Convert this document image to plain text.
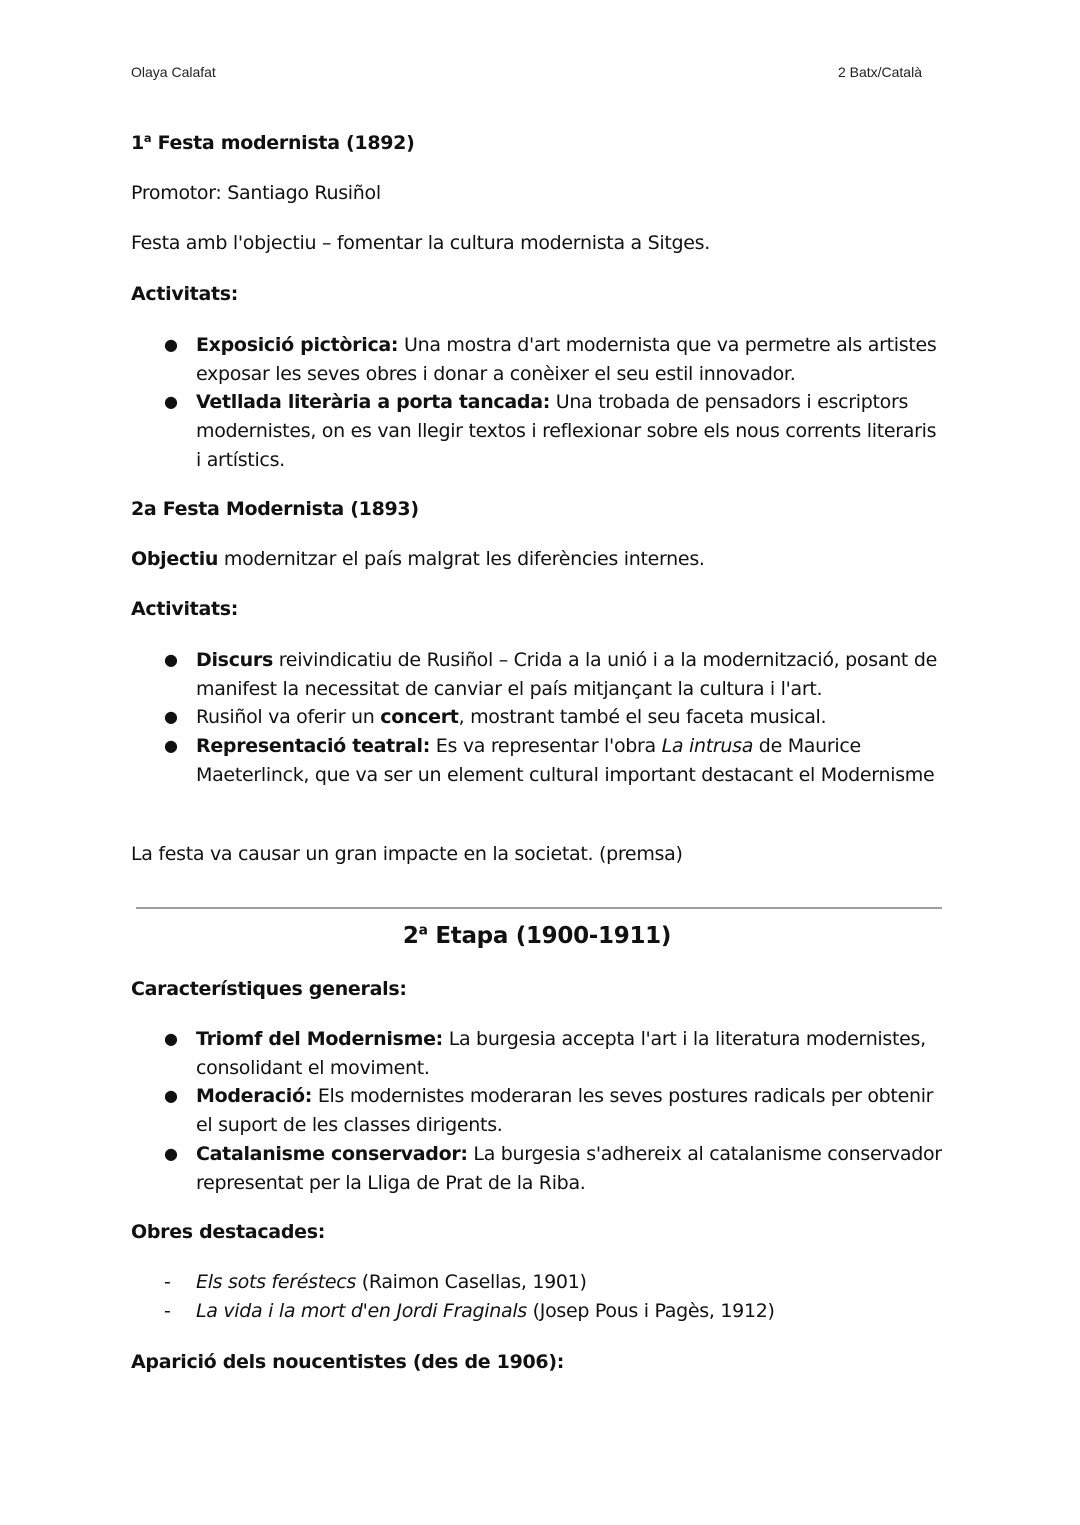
Olaya Calafat	2 Batx/Català
1$^a$ Festa modernista (1892)
Promotor: Santiago Rusiñol
Festa amb l'objectiu – fomentar la cultura modernista a Sitges.
Activitats:
● Exposició pictòrica: Una mostra d'art modernista que va permetre als artistes exposar les seves obres i donar a conèixer el seu estil innovador.
● Vetllada literària a porta tancada: Una trobada de pensadors i escriptors modernistes, on es van llegir textos i reflexionar sobre els nous corrents literaris i artístics.
2a Festa Modernista (1893)
Objectiu modernitzar el país malgrat les diferències internes.
Activitats:
● Discurs reivindicatiu de Rusiñol – Crida a la unió i a la modernització, posant de manifest la necessitat de canviar el país mitjançant la cultura i l'art.
● Rusiñol va oferir un concert, mostrant també el seu faceta musical.
● Representació teatral: Es va representar l'obra La intrusa de Maurice Maeterlinck, que va ser un element cultural important destacant el Modernisme
La festa va causar un gran impacte en la societat. (premsa)
Característiques generals:
● Triomf del Modernisme: La burgesia accepta l'art i la literatura modernistes, consolidant el moviment.
● Moderació: Els modernistes moderaran les seves postures radicals per obtenir el suport de les classes dirigents.
● Catalanisme conservador: La burgesia s'adhereix al catalanisme conservador representat per la Lliga de Prat de la Riba.
Obres destacades:
- Els sots feréstecs (Raimon Casellas, 1901)
- La vida i la mort d'en Jordi Fraginals (Josep Pous i Pagès, 1912)
Aparició dels noucentistes (des de 1906):
2$^a$ Etapa (1900-1911)
